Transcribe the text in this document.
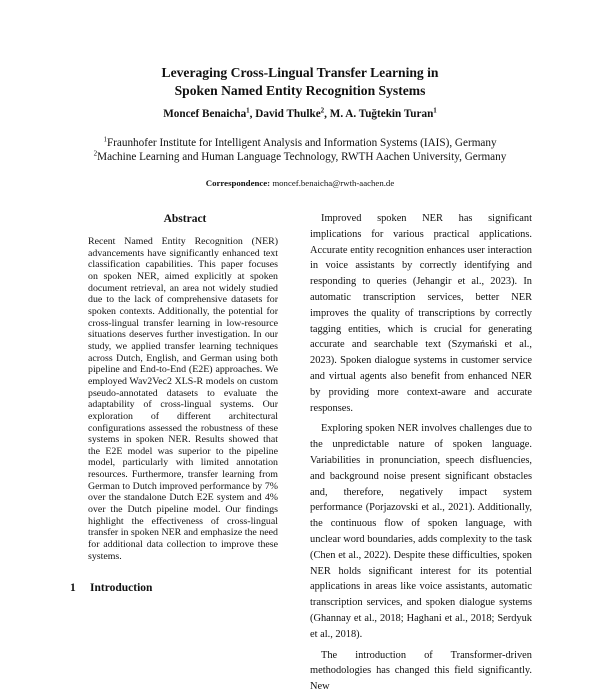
Leveraging Cross-Lingual Transfer Learning in
Spoken Named Entity Recognition Systems
Moncef Benaicha$^1$, David Thulke$^2$, M. A. Tuğtekin Turan$^1$
$^1$Fraunhofer Institute for Intelligent Analysis and Information Systems (IAIS), Germany
$^2$Machine Learning and Human Language Technology, RWTH Aachen University, Germany
Correspondence: moncef.benaicha@rwth-aachen.de
Abstract

Recent Named Entity Recognition (NER) advancements have significantly enhanced text classification capabilities. This paper focuses on spoken NER, aimed explicitly at spoken document retrieval, an area not widely studied due to the lack of comprehensive datasets for spoken contexts. Additionally, the potential for cross-lingual transfer learning in low-resource situations deserves further investigation. In our study, we applied transfer learning techniques across Dutch, English, and German using both pipeline and End-to-End (E2E) approaches. We employed Wav2Vec2 XLS-R models on custom pseudo-annotated datasets to evaluate the adaptability of cross-lingual systems. Our exploration of different architectural configurations assessed the robustness of these systems in spoken NER. Results showed that the E2E model was superior to the pipeline model, particularly with limited annotation resources. Furthermore, transfer learning from German to Dutch improved performance by 7% over the standalone Dutch E2E system and 4% over the Dutch pipeline model. Our findings highlight the effectiveness of cross-lingual transfer in spoken NER and emphasize the need for additional data collection to improve these systems.

1 Introduction

Improved spoken NER has significant implications for various practical applications. Accurate entity recognition enhances user interaction in voice assistants by correctly identifying and responding to queries (Jehangir et al., 2023). In automatic transcription services, better NER improves the quality of transcriptions by correctly tagging entities, which is crucial for generating accurate and searchable text (Szymański et al., 2023). Spoken dialogue systems in customer service and virtual agents also benefit from enhanced NER by providing more context-aware and accurate responses.

Exploring spoken NER involves challenges due to the unpredictable nature of spoken language. Variabilities in pronunciation, speech disfluencies, and background noise present significant obstacles and, therefore, negatively impact system performance (Porjazovski et al., 2021). Additionally, the continuous flow of spoken language, with unclear word boundaries, adds complexity to the task (Chen et al., 2022). Despite these difficulties, spoken NER holds significant interest for its potential applications in areas like voice assistants, automatic transcription services, and spoken dialogue systems (Ghannay et al., 2018; Haghani et al., 2018; Serdyuk et al., 2018).

The introduction of Transformer-driven methodologies has changed this field significantly. New
